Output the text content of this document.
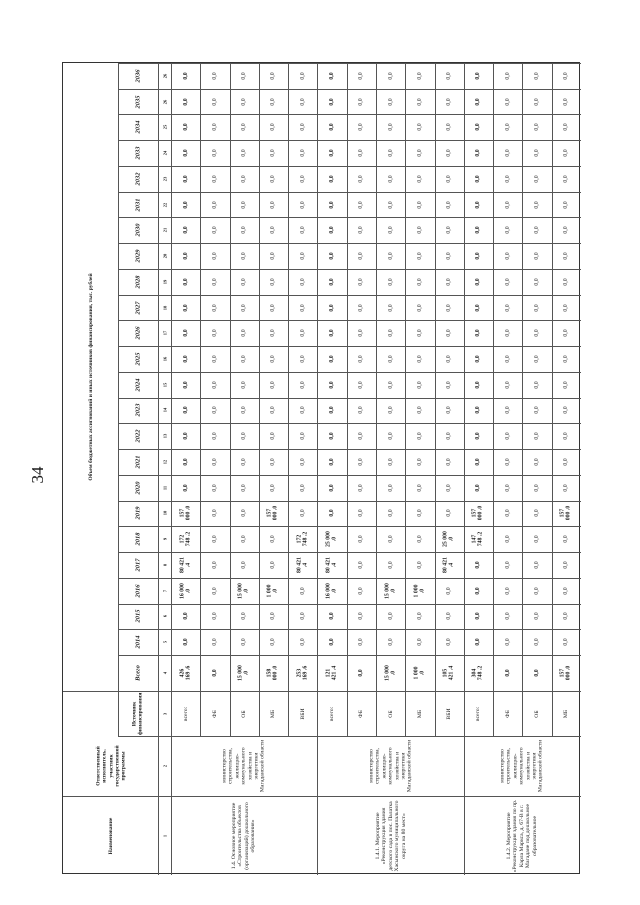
34	Объем бюджетных ассигнований и иных источников финансирования, тыс. рублей
Наименование
Ответственный исполнитель, участник государственной программы
Источник финансирования
Всего
2014
2015
2016
2017
2018
2019
2020
2021
2022
2023
2024
2025
2026
2027
2028
2029
2030
2031
2032
2033
2034
2035
2036
4
5
6
7
8
9
10
11
12
13
14
15
16
17
18
19
20
21
22
23
24
25
26
26
3
2
1
всего:
426 169 .6
0,0
0,0
16 000 .0
80 421 .4
172 748 .2
157 000 .0
0,0
0,0
0,0
0,0
0,0
0,0
0,0
0,0
0,0
0,0
0,0
0,0
0,0
0,0
0,0
0,0
0,0
ФБ
0,0
0,0
0,0
0,0
0,0
0,0
0,0
0,0
0,0
0,0
0,0
0,0
0,0
0,0
0,0
0,0
0,0
0,0
0,0
0,0
0,0
0,0
0,0
0,0
ОБ
15 000 .0
0,0
0,0
15 000 .0
0,0
0,0
0,0
0,0
0,0
0,0
0,0
0,0
0,0
0,0
0,0
0,0
0,0
0,0
0,0
0,0
0,0
0,0
0,0
0,0
МБ
158 000 .0
0,0
0,0
1 000 .0
0,0
0,0
157 000 .0
0,0
0,0
0,0
0,0
0,0
0,0
0,0
0,0
0,0
0,0
0,0
0,0
0,0
0,0
0,0
0,0
0,0
ВБИ
253 169 .6
0,0
0,0
0,0
80 421 .4
172 748 .2
0,0
0,0
0,0
0,0
0,0
0,0
0,0
0,0
0,0
0,0
0,0
0,0
0,0
0,0
0,0
0,0
0,0
0,0
всего:
121 421 .4
0,0
0,0
16 000 .0
80 421 .4
25 000 .0
0,0
0,0
0,0
0,0
0,0
0,0
0,0
0,0
0,0
0,0
0,0
0,0
0,0
0,0
0,0
0,0
0,0
0,0
ФБ
0,0
0,0
0,0
0,0
0,0
0,0
0,0
0,0
0,0
0,0
0,0
0,0
0,0
0,0
0,0
0,0
0,0
0,0
0,0
0,0
0,0
0,0
0,0
0,0
ОБ
15 000 .0
0,0
0,0
15 000 .0
0,0
0,0
0,0
0,0
0,0
0,0
0,0
0,0
0,0
0,0
0,0
0,0
0,0
0,0
0,0
0,0
0,0
0,0
0,0
0,0
МБ
1 000 .0
0,0
0,0
1 000 .0
0,0
0,0
0,0
0,0
0,0
0,0
0,0
0,0
0,0
0,0
0,0
0,0
0,0
0,0
0,0
0,0
0,0
0,0
0,0
0,0
ВБИ
105 421 .4
0,0
0,0
0,0
80 421 .4
25 000 .0
0,0
0,0
0,0
0,0
0,0
0,0
0,0
0,0
0,0
0,0
0,0
0,0
0,0
0,0
0,0
0,0
0,0
0,0
всего:
304 748 .2
0,0
0,0
0,0
0,0
147 748 .2
157 000 .0
0,0
0,0
0,0
0,0
0,0
0,0
0,0
0,0
0,0
0,0
0,0
0,0
0,0
0,0
0,0
0,0
0,0
ФБ
0,0
0,0
0,0
0,0
0,0
0,0
0,0
0,0
0,0
0,0
0,0
0,0
0,0
0,0
0,0
0,0
0,0
0,0
0,0
0,0
0,0
0,0
0,0
0,0
ОБ
0,0
0,0
0,0
0,0
0,0
0,0
0,0
0,0
0,0
0,0
0,0
0,0
0,0
0,0
0,0
0,0
0,0
0,0
0,0
0,0
0,0
0,0
0,0
0,0
МБ
157 000 .0
0,0
0,0
0,0
0,0
0,0
157 000 .0
0,0
0,0
0,0
0,0
0,0
0,0
0,0
0,0
0,0
0,0
0,0
0,0
0,0
0,0
0,0
0,0
0,0
1.4. Основное мероприятие «Строительства объектов (организаций) дошкольного образования»
министерство строительства, жилищно-коммунального хозяйства и энергетики Магаданской области
1.4.1. Мероприятие «Реконструкция здания детского сада в пос. Палатка Хасынского муниципального округа на 80 мест»
министерство строительства, жилищно-коммунального хозяйства и энергетики Магаданской области
1.4.2. Мероприятие «Реконструкция здания по пр. Карла Маркса, д. 67-В в г. Магадане под дошкольное образовательное
министерство строительства, жилищно-коммунального хозяйства и энергетики Магаданской области
